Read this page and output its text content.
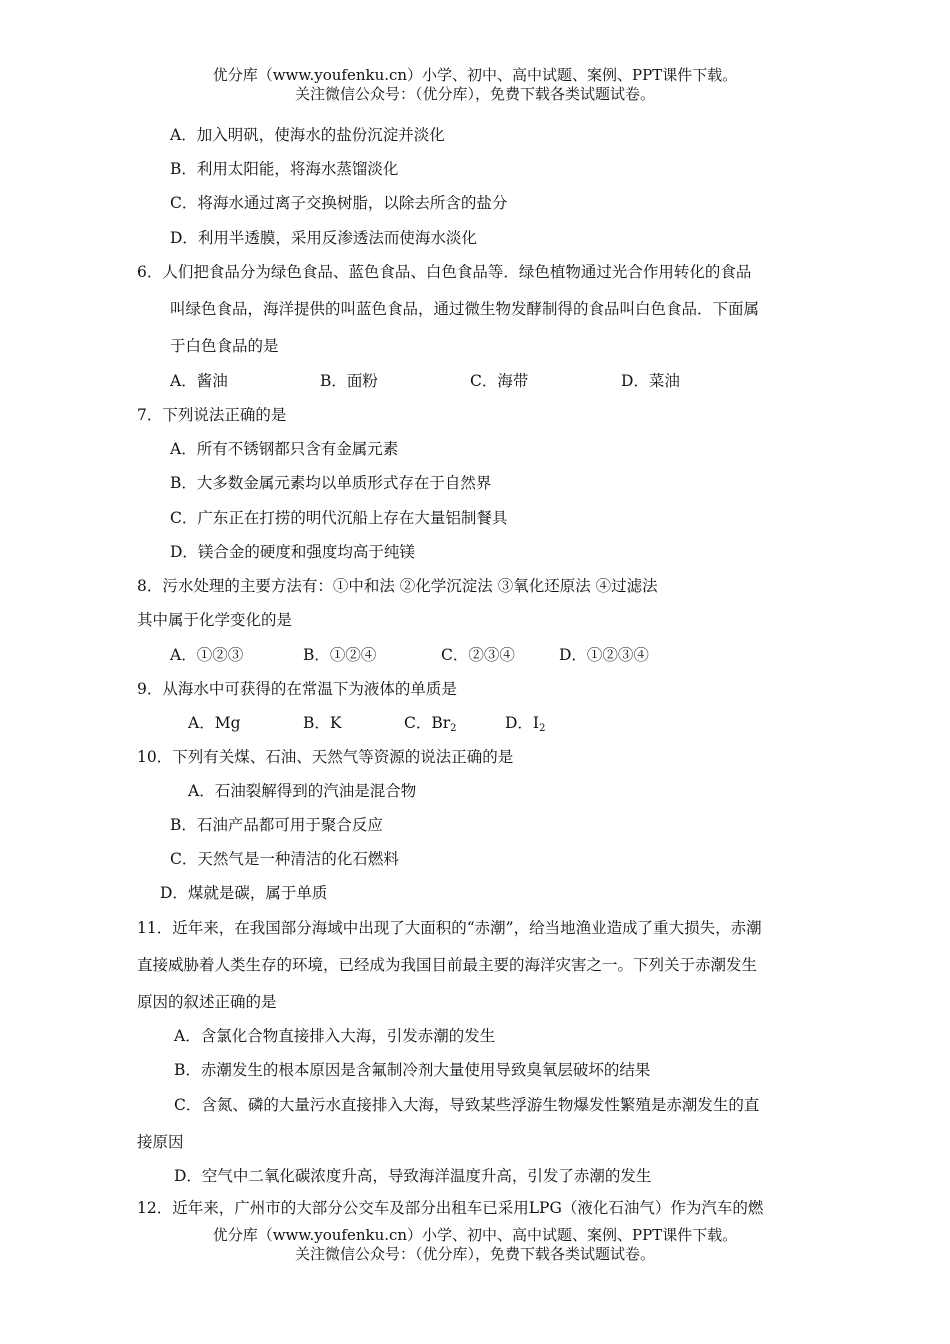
优分库（www.youfenku.cn）小学、初中、高中试题、案例、PPT课件下载。
关注微信公众号：（优分库），免费下载各类试题试卷。
A．加入明矾，使海水的盐份沉淀并淡化
B．利用太阳能，将海水蒸馏淡化
C．将海水通过离子交换树脂，以除去所含的盐分
D．利用半透膜，采用反渗透法而使海水淡化
6．人们把食品分为绿色食品、蓝色食品、白色食品等．绿色植物通过光合作用转化的食品
叫绿色食品，海洋提供的叫蓝色食品，通过微生物发酵制得的食品叫白色食品．下面属
于白色食品的是
A．酱油	B．面粉	C．海带	D．菜油
7．下列说法正确的是
A．所有不锈钢都只含有金属元素
B．大多数金属元素均以单质形式存在于自然界
C．广东正在打捞的明代沉船上存在大量铝制餐具
D．镁合金的硬度和强度均高于纯镁
8．污水处理的主要方法有：①中和法 ②化学沉淀法 ③氧化还原法 ④过滤法
其中属于化学变化的是
A．①②③	B．①②④	C．②③④	D．①②③④
9．从海水中可获得的在常温下为液体的单质是
A．Mg	B．K	C．$Br_2$	D．$I_2$
10．下列有关煤、石油、天然气等资源的说法正确的是
A．石油裂解得到的汽油是混合物
B．石油产品都可用于聚合反应
C．天然气是一种清洁的化石燃料
D．煤就是碳，属于单质
11．近年来，在我国部分海域中出现了大面积的“赤潮”，给当地渔业造成了重大损失，赤潮
直接威胁着人类生存的环境，已经成为我国目前最主要的海洋灾害之一。下列关于赤潮发生
原因的叙述正确的是
A．含氯化合物直接排入大海，引发赤潮的发生
B．赤潮发生的根本原因是含氟制冷剂大量使用导致臭氧层破坏的结果
C．含氮、磷的大量污水直接排入大海，导致某些浮游生物爆发性繁殖是赤潮发生的直
接原因
D．空气中二氧化碳浓度升高，导致海洋温度升高，引发了赤潮的发生
12．近年来，广州市的大部分公交车及部分出租车已采用LPG（液化石油气）作为汽车的燃
优分库（www.youfenku.cn）小学、初中、高中试题、案例、PPT课件下载。
关注微信公众号：（优分库），免费下载各类试题试卷。
